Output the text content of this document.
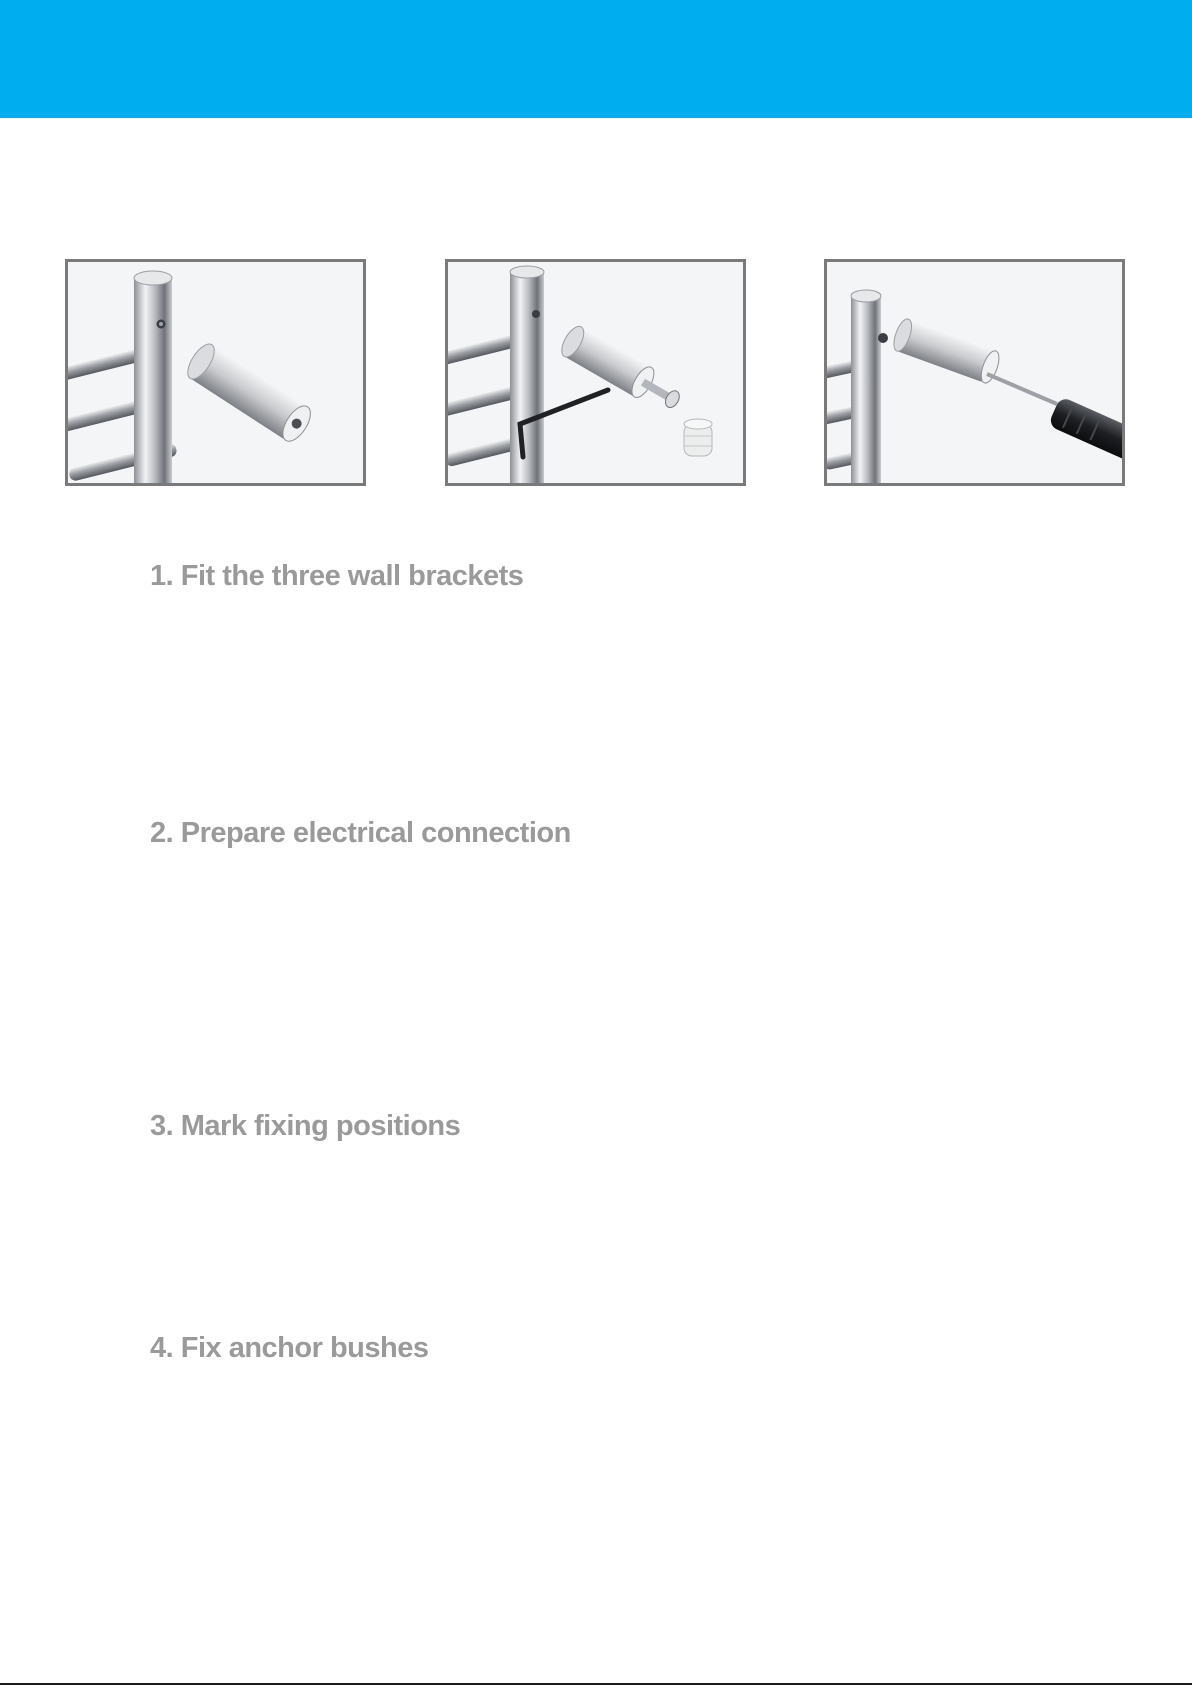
1. Fit the three wall brackets
2. Prepare electrical connection
3. Mark fixing positions
4. Fix anchor bushes
